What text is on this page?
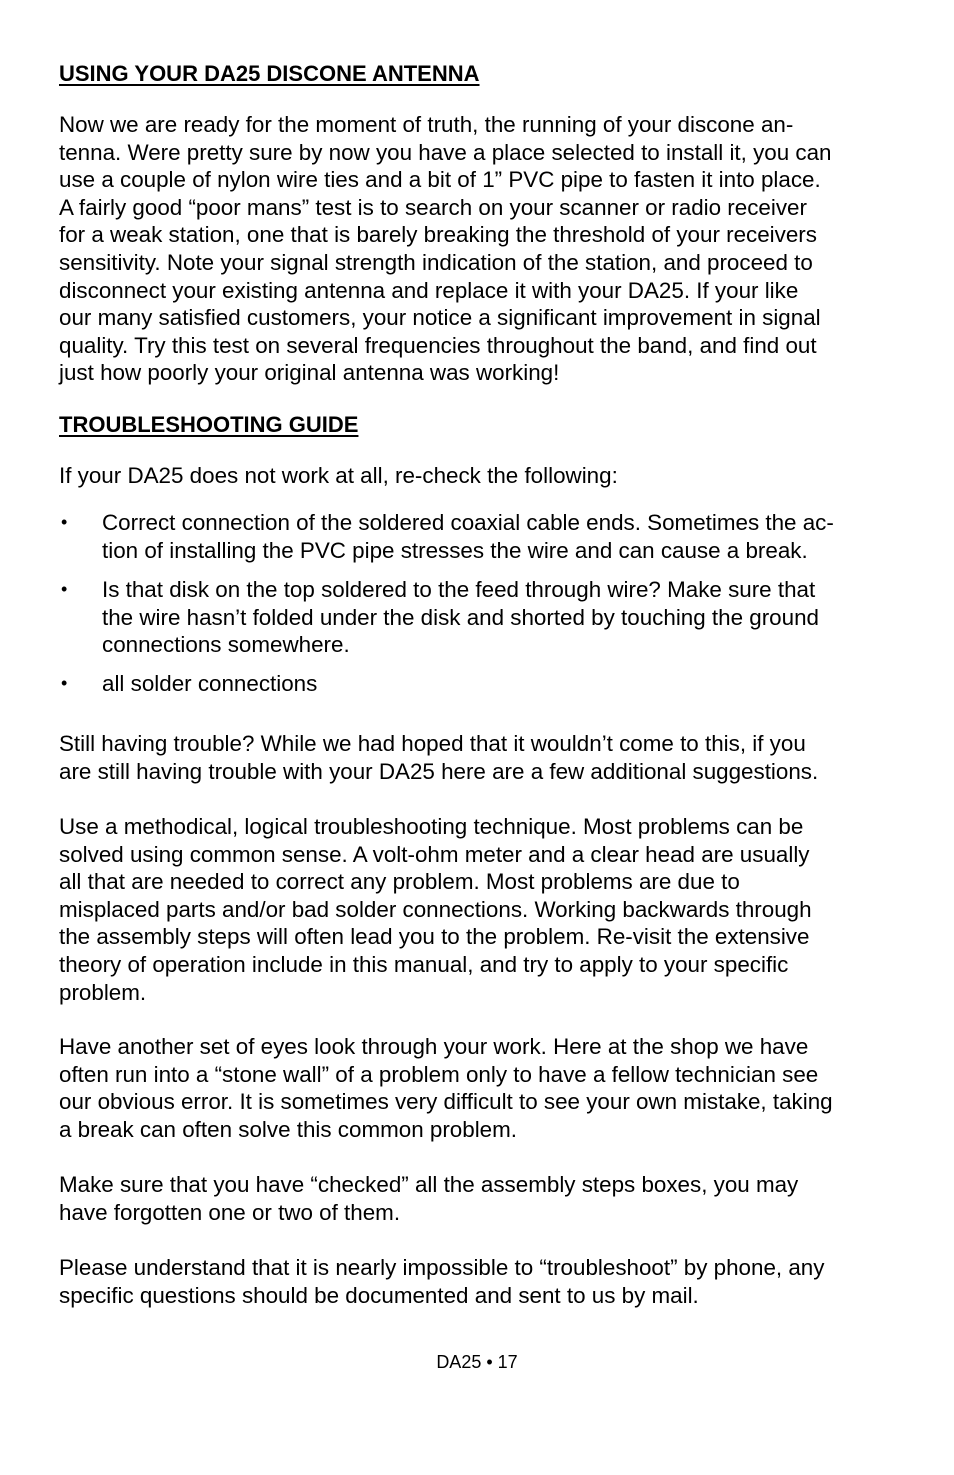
USING YOUR DA25 DISCONE ANTENNA

Now we are ready for the moment of truth, the running of your discone an-
tenna. Were pretty sure by now you have a place selected to install it, you can
use a couple of nylon wire ties and a bit of 1” PVC pipe to fasten it into place.
A fairly good “poor mans” test is to search on your scanner or radio receiver
for a weak station, one that is barely breaking the threshold of your receivers
sensitivity. Note your signal strength indication of the station, and proceed to
disconnect your existing antenna and replace it with your DA25. If your like
our many satisfied customers, your notice a significant improvement in signal
quality. Try this test on several frequencies throughout the band, and find out
just how poorly your original antenna was working!

TROUBLESHOOTING GUIDE

If your DA25 does not work at all, re-check the following:

• Correct connection of the soldered coaxial cable ends. Sometimes the ac-
tion of installing the PVC pipe stresses the wire and can cause a break.
• Is that disk on the top soldered to the feed through wire? Make sure that
the wire hasn’t folded under the disk and shorted by touching the ground
connections somewhere.
• all solder connections

Still having trouble? While we had hoped that it wouldn’t come to this, if you
are still having trouble with your DA25 here are a few additional suggestions.

Use a methodical, logical troubleshooting technique. Most problems can be
solved using common sense. A volt-ohm meter and a clear head are usually
all that are needed to correct any problem. Most problems are due to
misplaced parts and/or bad solder connections. Working backwards through
the assembly steps will often lead you to the problem. Re-visit the extensive
theory of operation include in this manual, and try to apply to your specific
problem.

Have another set of eyes look through your work. Here at the shop we have
often run into a “stone wall” of a problem only to have a fellow technician see
our obvious error. It is sometimes very difficult to see your own mistake, taking
a break can often solve this common problem.

Make sure that you have “checked” all the assembly steps boxes, you may
have forgotten one or two of them.

Please understand that it is nearly impossible to “troubleshoot” by phone, any
specific questions should be documented and sent to us by mail.

DA25 • 17
